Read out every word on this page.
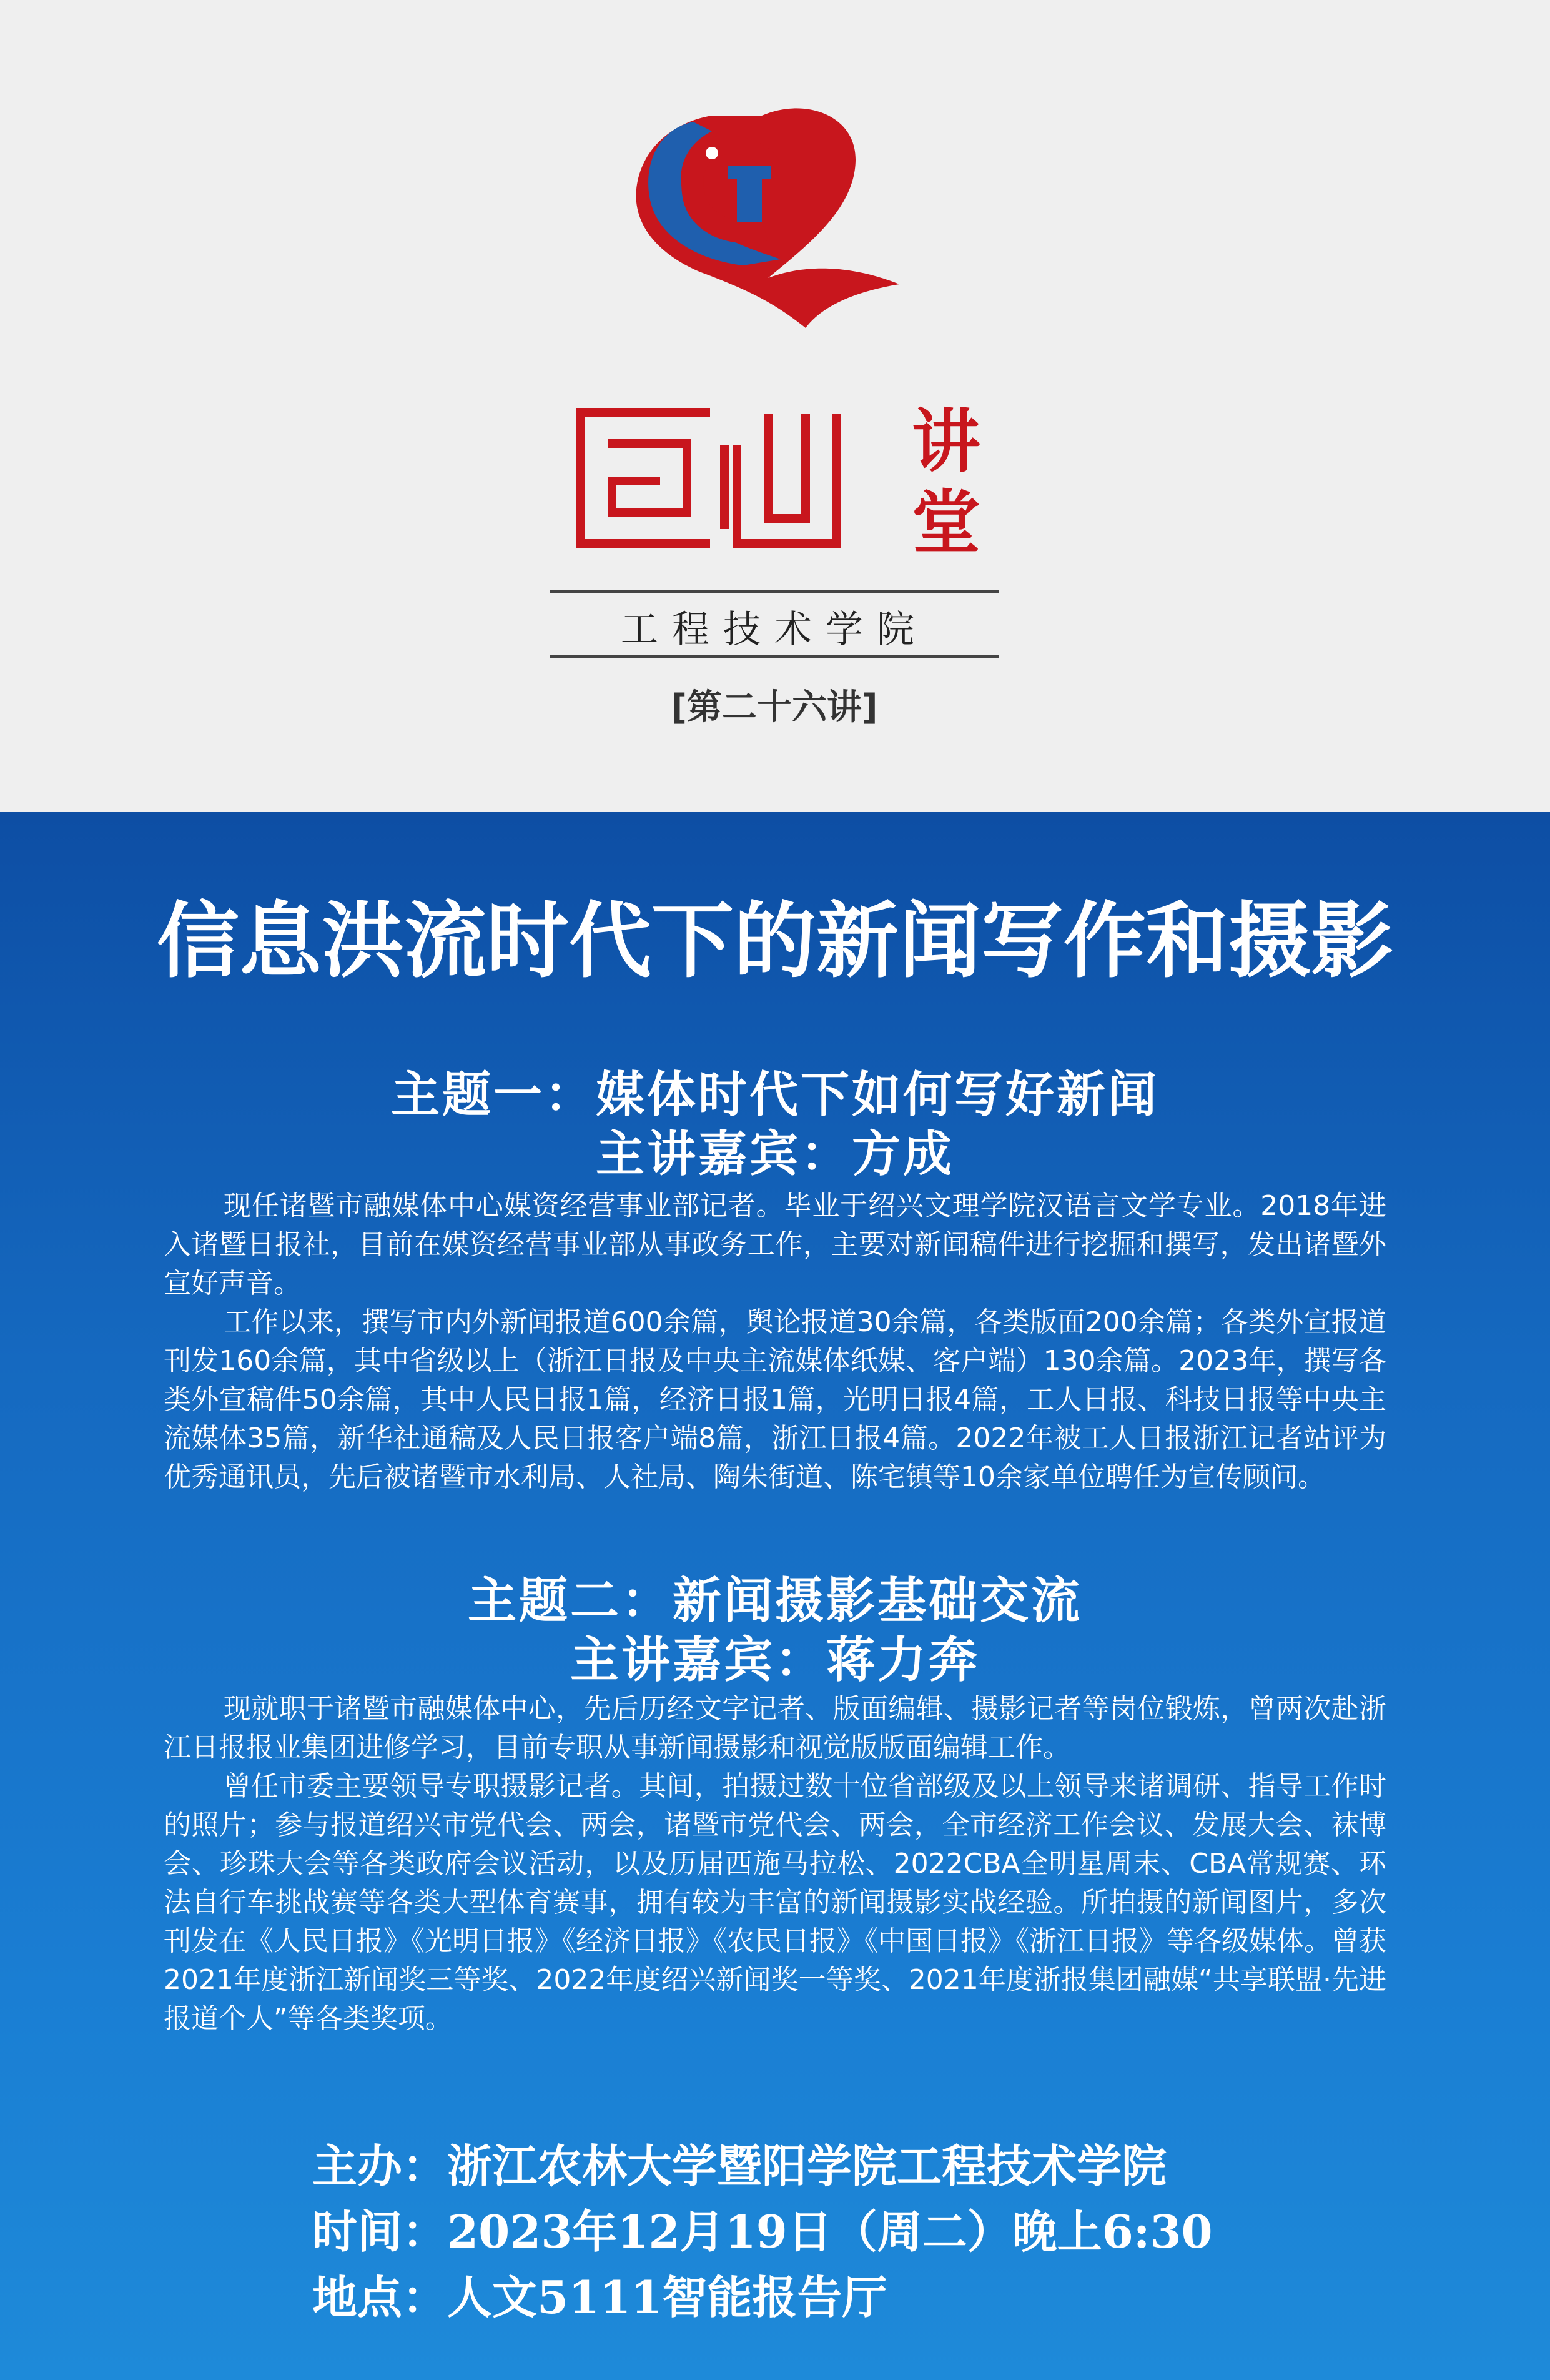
讲
堂
工程技术学院
[第二十六讲]
信息洪流时代下的新闻写作和摄影
主题一：媒体时代下如何写好新闻
主讲嘉宾：方成

现任诸暨市融媒体中心媒资经营事业部记者。毕业于绍兴文理学院汉语言文学专业。2018年进入诸暨日报社，目前在媒资经营事业部从事政务工作，主要对新闻稿件进行挖掘和撰写，发出诸暨外宣好声音。

工作以来，撰写市内外新闻报道600余篇，舆论报道30余篇，各类版面200余篇；各类外宣报道刊发160余篇，其中省级以上（浙江日报及中央主流媒体纸媒、客户端）130余篇。2023年，撰写各类外宣稿件50余篇，其中人民日报1篇，经济日报1篇，光明日报4篇，工人日报、科技日报等中央主流媒体35篇，新华社通稿及人民日报客户端8篇，浙江日报4篇。2022年被工人日报浙江记者站评为优秀通讯员，先后被诸暨市水利局、人社局、陶朱街道、陈宅镇等10余家单位聘任为宣传顾问。

主题二：新闻摄影基础交流
主讲嘉宾：蒋力奔

现就职于诸暨市融媒体中心，先后历经文字记者、版面编辑、摄影记者等岗位锻炼，曾两次赴浙江日报报业集团进修学习，目前专职从事新闻摄影和视觉版版面编辑工作。

曾任市委主要领导专职摄影记者。其间，拍摄过数十位省部级及以上领导来诸调研、指导工作时的照片；参与报道绍兴市党代会、两会，诸暨市党代会、两会，全市经济工作会议、发展大会、袜博会、珍珠大会等各类政府会议活动，以及历届西施马拉松、2022CBA全明星周末、CBA常规赛、环法自行车挑战赛等各类大型体育赛事，拥有较为丰富的新闻摄影实战经验。所拍摄的新闻图片，多次刊发在《人民日报》《光明日报》《经济日报》《农民日报》《中国日报》《浙江日报》等各级媒体。曾获2021年度浙江新闻奖三等奖、2022年度绍兴新闻奖一等奖、2021年度浙报集团融媒“共享联盟·先进报道个人”等各类奖项。

主办：浙江农林大学暨阳学院工程技术学院
时间：2023年12月19日（周二）晚上6:30
地点：人文5111智能报告厅
